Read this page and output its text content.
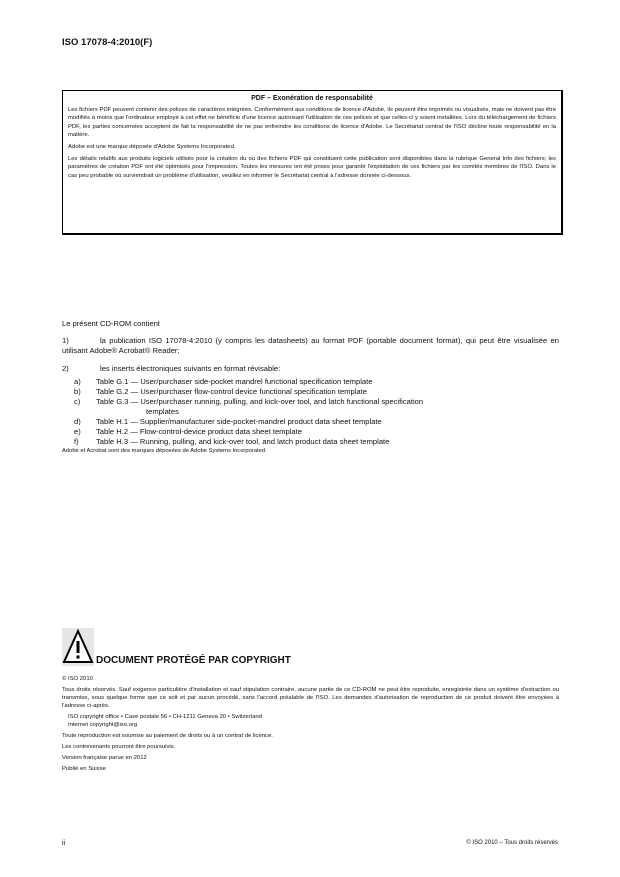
ISO 17078-4:2010(F)
PDF – Exonération de responsabilité

Les fichiers PDF peuvent contenir des polices de caractères intégrées. Conformément aux conditions de licence d'Adobe, ils peuvent être imprimés ou visualisés, mais ne doivent pas être modifiés à moins que l'ordinateur employé à cet effet ne bénéficie d'une licence autorisant l'utilisation de ces polices et que celles-ci y soient installées. Lors du téléchargement de fichiers PDF, les parties concernées acceptent de fait la responsabilité de ne pas enfreindre les conditions de licence d'Adobe. Le Secrétariat central de l'ISO décline toute responsabilité en la matière.

Adobe est une marque déposée d'Adobe Systems Incorporated.

Les détails relatifs aux produits logiciels utilisés pour la création du ou des fichiers PDF qui constituent cette publication sont disponibles dans la rubrique General Info des fichiers; les paramètres de création PDF ont été optimisés pour l'impression. Toutes les mesures ont été prises pour garantir l'exploitation de ces fichiers par les comités membres de l'ISO. Dans le cas peu probable où surviendrait un problème d'utilisation, veuillez en informer le Secrétariat central à l'adresse donnée ci-dessous.

Le présent CD-ROM contient
1)	la publication ISO 17078-4:2010 (y compris les datasheets) au format PDF (portable document format), qui peut être visualisée en utilisant Adobe® Acrobat® Reader;
2)	les inserts électroniques suivants en format révisable:
a)	Table G.1 — User/purchaser side-pocket mandrel functional specification template
b)	Table G.2 — User/purchaser flow-control device functional specification template
c)	Table G.3 — User/purchaser running, pulling, and kick-over tool, and latch functional specification
templates
d)	Table H.1 — Supplier/manufacturer side-pocket-mandrel product data sheet template
e)	Table H.2 — Flow-control-device product data sheet template
f)	Table H.3 — Running, pulling, and kick-over tool, and latch product data sheet template
Adobe et Acrobat sont des marques déposées de Adobe Systems Incorporated.
DOCUMENT PROTÉGÉ PAR COPYRIGHT

© ISO 2010

Tous droits réservés. Sauf exigence particulière d'installation et sauf stipulation contraire, aucune partie de ce CD-ROM ne peut être reproduite, enregistrée dans un système d'extraction ou transmise, sous quelque forme que ce soit et par aucun procédé, sans l'accord préalable de l'ISO. Les demandes d'autorisation de reproduction de ce produit doivent être envoyées à l'adresse ci-après.

ISO copyright office • Case postale 56 • CH-1211 Geneva 20 • Switzerland

Internet copyright@iso.org

Toute reproduction est soumise au paiement de droits ou à un contrat de licence.

Les contrevenants pourront être poursuivis.

Version française parue en 2012

Publié en Suisse

ii	© ISO 2010 – Tous droits réservés
